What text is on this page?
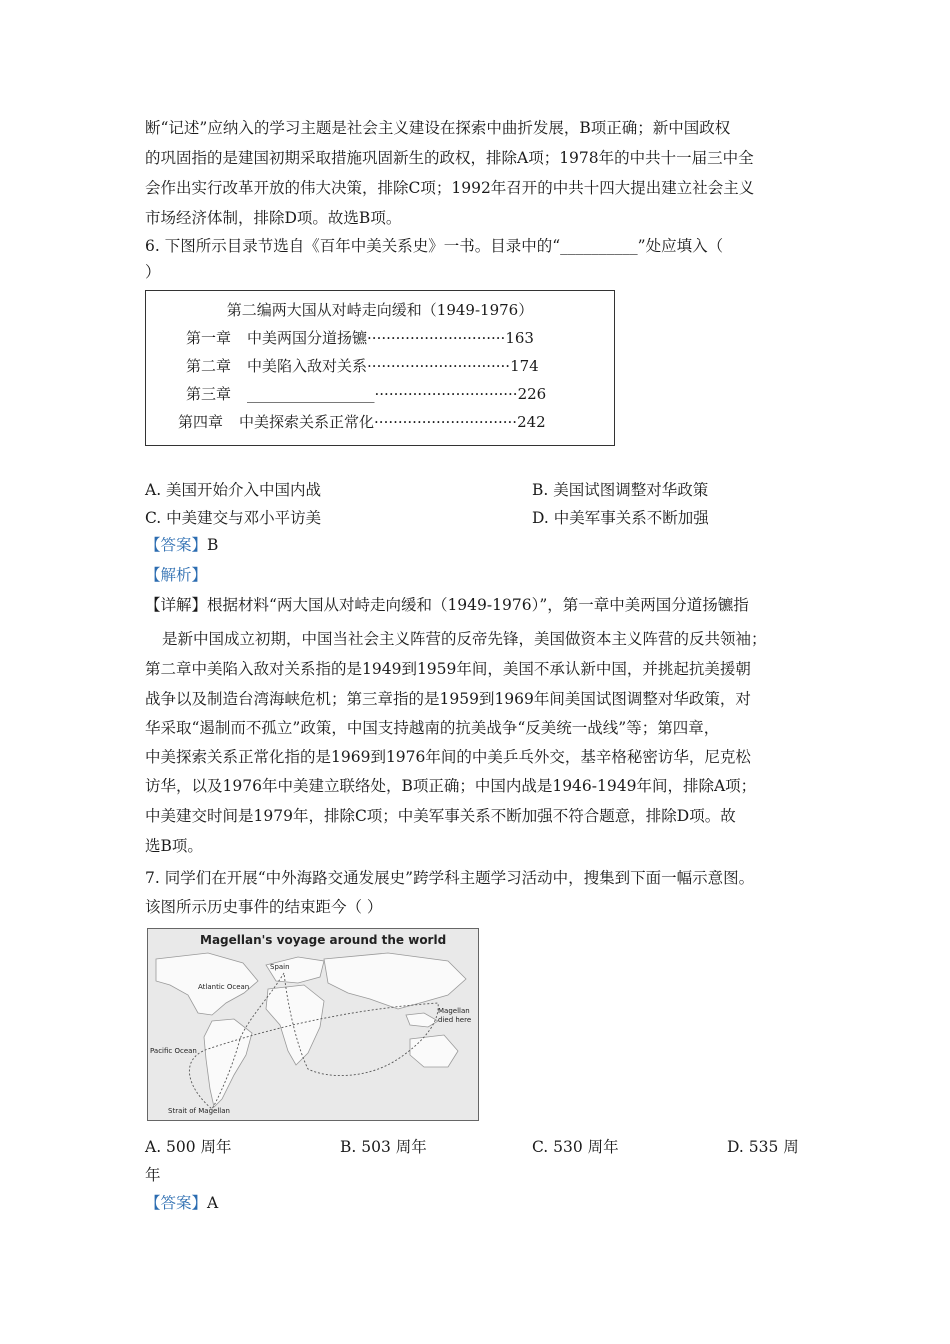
断“记述”应纳入的学习主题是社会主义建设在探索中曲折发展，B项正确；新中国政权
的巩固指的是建国初期采取措施巩固新生的政权，排除A项；1978年的中共十一届三中全
会作出实行改革开放的伟大决策，排除C项；1992年召开的中共十四大提出建立社会主义
市场经济体制，排除D项。故选B项。
6. 下图所示目录节选自《百年中美关系史》一书。目录中的“__________”处应填入（
）
第二编两大国从对峙走向缓和（1949-1976）
第一章 中美两国分道扬镳·····························163
第二章 中美陷入敌对关系······························174
第三章 _________________······························226
第四章 中美探索关系正常化······························242
A. 美国开始介入中国内战	B. 美国试图调整对华政策
C. 中美建交与邓小平访美	D. 中美军事关系不断加强
【答案】B
【解析】
【详解】根据材料“两大国从对峙走向缓和（1949-1976）”，第一章中美两国分道扬镳指
是新中国成立初期，中国当社会主义阵营的反帝先锋，美国做资本主义阵营的反共领袖；
第二章中美陷入敌对关系指的是1949到1959年间，美国不承认新中国，并挑起抗美援朝
战争以及制造台湾海峡危机；第三章指的是1959到1969年间美国试图调整对华政策，对
华采取“遏制而不孤立”政策，中国支持越南的抗美战争“反美统一战线”等；第四章，
中美探索关系正常化指的是1969到1976年间的中美乒乓外交，基辛格秘密访华，尼克松
访华，以及1976年中美建立联络处，B项正确；中国内战是1946-1949年间，排除A项；
中美建交时间是1979年，排除C项；中美军事关系不断加强不符合题意，排除D项。故
选B项。
7. 同学们在开展“中外海路交通发展史”跨学科主题学习活动中，搜集到下面一幅示意图。
该图所示历史事件的结束距今（ ）
Magellan's voyage around the world
Spain
Atlantic Ocean
Pacific Ocean
Strait of Magellan
Magellan
died here
A. 500 周年	B. 503 周年	C. 530 周年	D. 535 周
年
【答案】A
